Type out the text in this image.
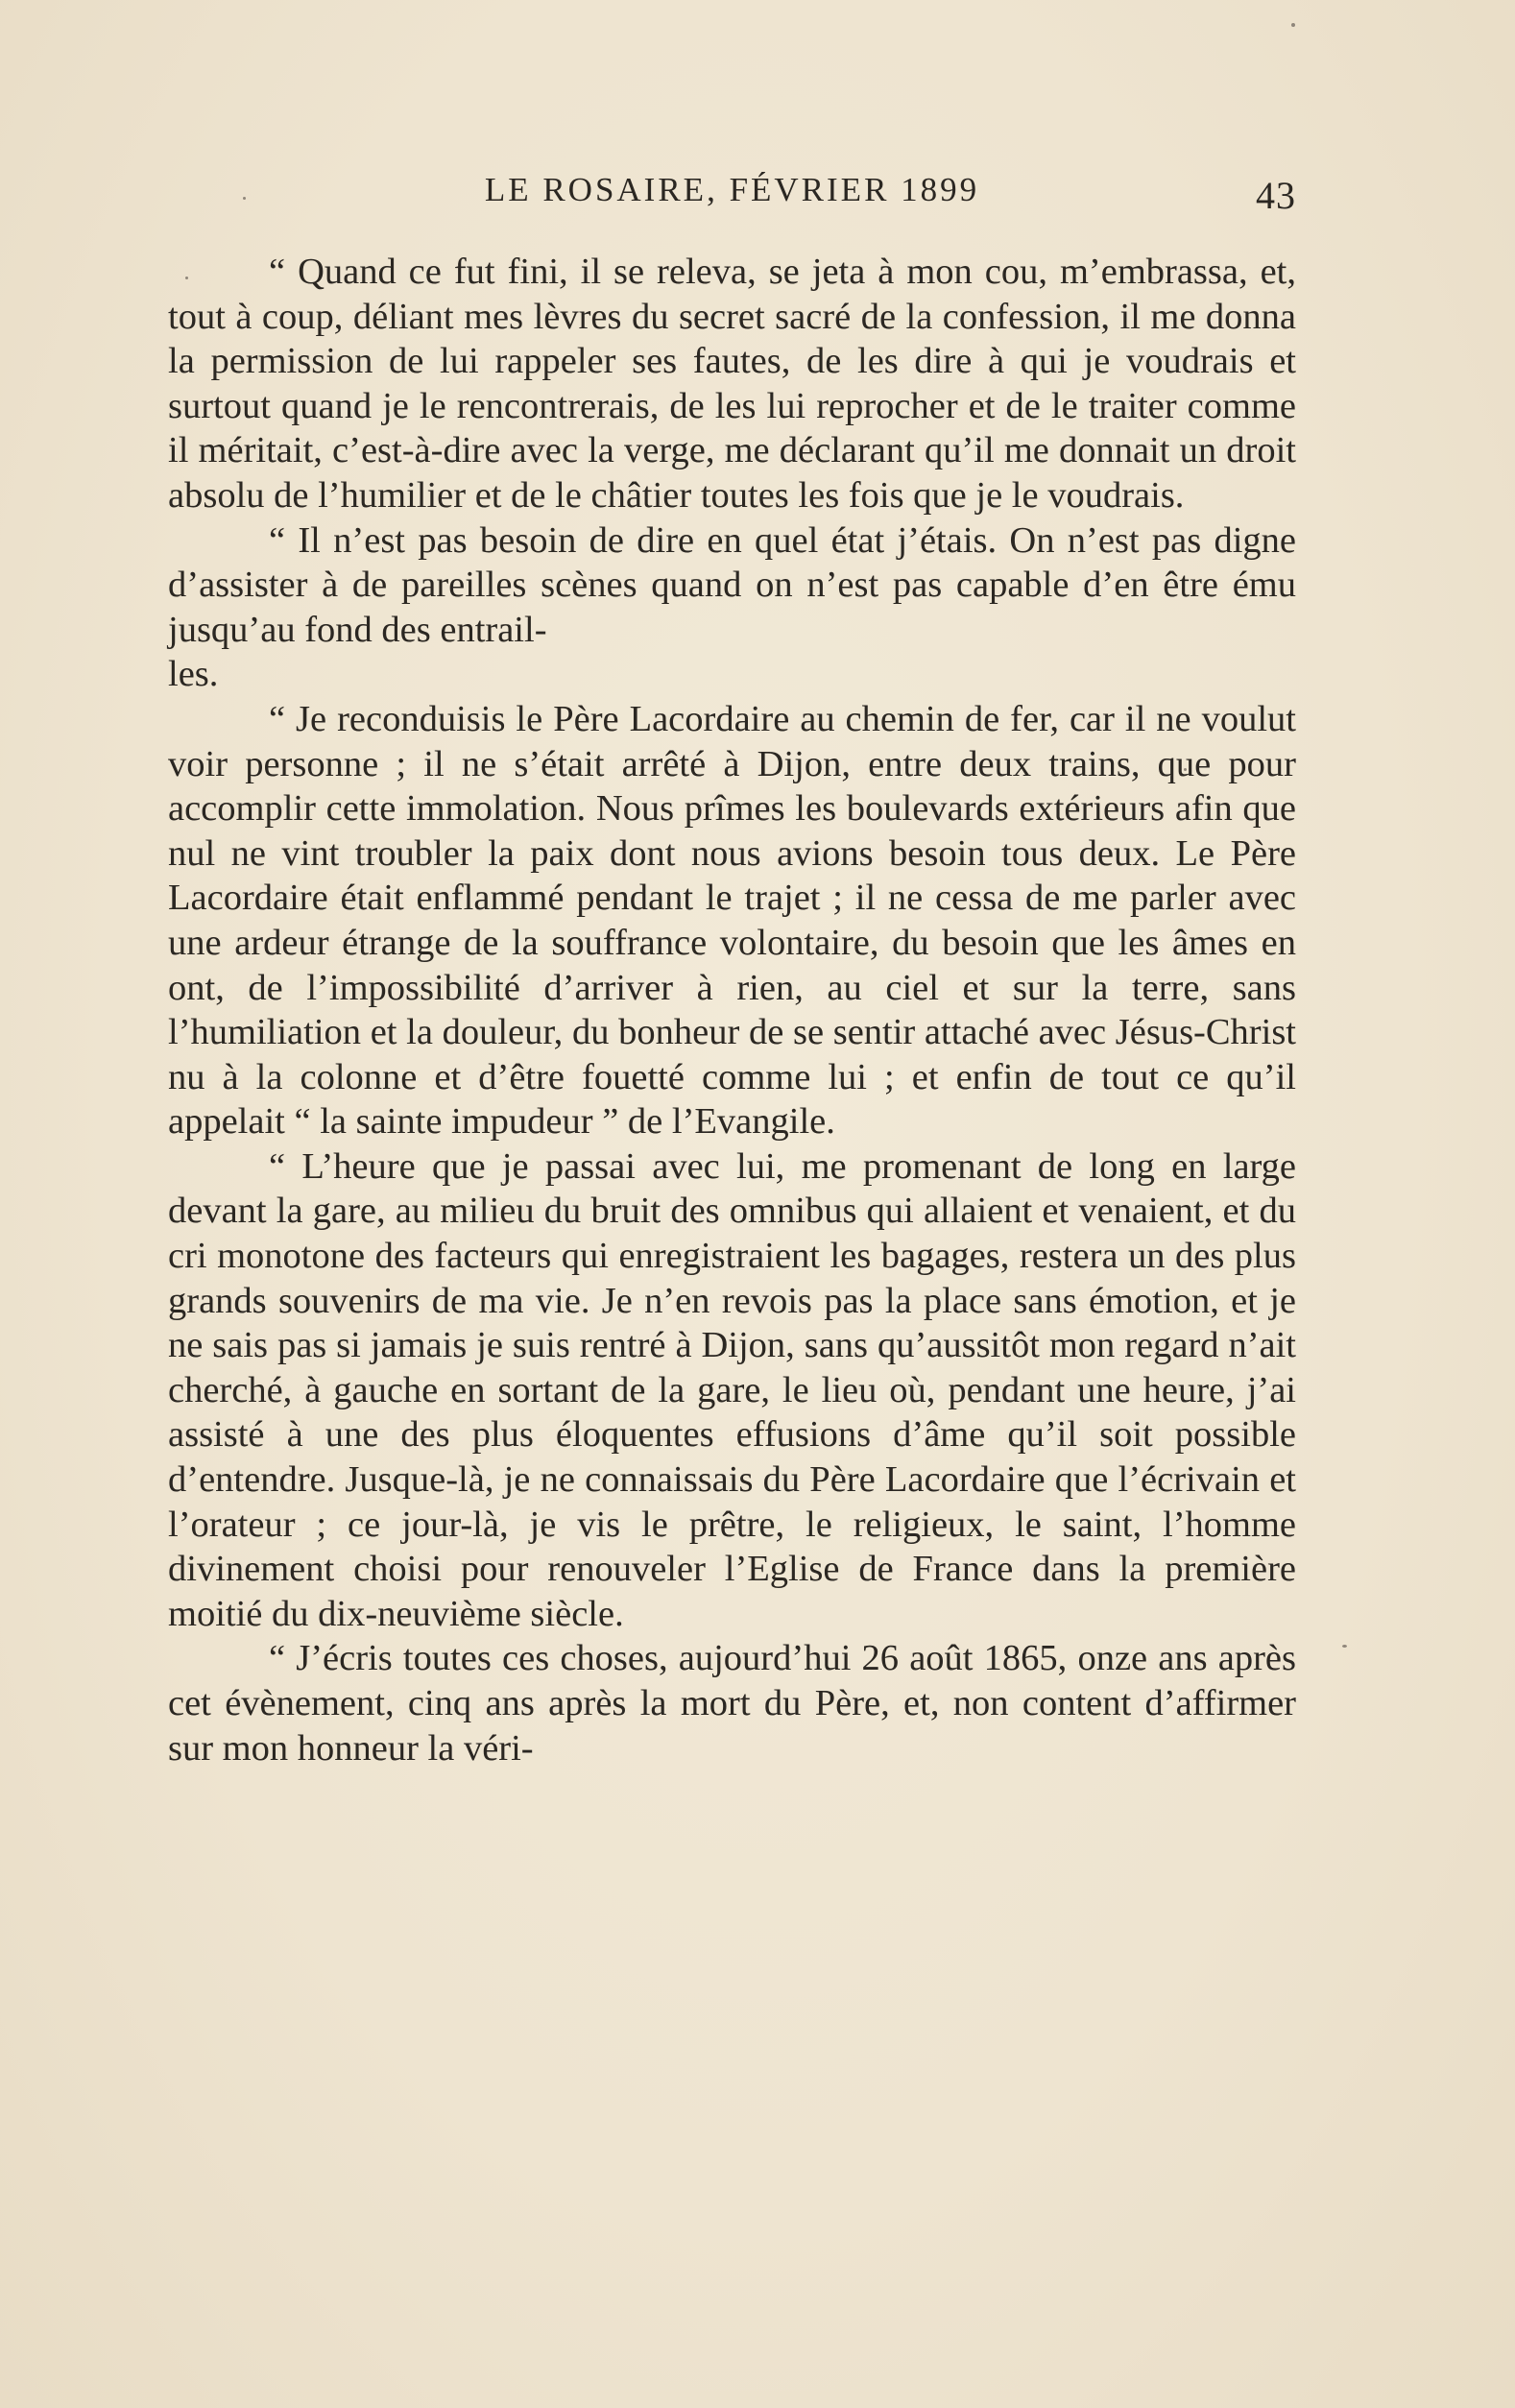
LE ROSAIRE, FÉVRIER 1899	43

“ Quand ce fut fini, il se releva, se jeta à mon cou, m’embrassa, et, tout à coup, déliant mes lèvres du secret sacré de la confession, il me donna la permission de lui rappeler ses fautes, de les dire à qui je voudrais et surtout quand je le rencontrerais, de les lui reprocher et de le traiter comme il méritait, c’est-à-dire avec la verge, me déclarant qu’il me donnait un droit absolu de l’humilier et de le châtier toutes les fois que je le voudrais.

“ Il n’est pas besoin de dire en quel état j’étais. On n’est pas digne d’assister à de pareilles scènes quand on n’est pas capable d’en être ému jusqu’au fond des entrail-

les.

“ Je reconduisis le Père Lacordaire au chemin de fer, car il ne voulut voir personne ; il ne s’était arrêté à Dijon, entre deux trains, que pour accomplir cette immolation. Nous prîmes les boulevards extérieurs afin que nul ne vint troubler la paix dont nous avions besoin tous deux. Le Père Lacordaire était enflammé pendant le trajet ; il ne cessa de me parler avec une ardeur étrange de la souffrance volontaire, du besoin que les âmes en ont, de l’impossibilité d’arriver à rien, au ciel et sur la terre, sans l’humiliation et la douleur, du bonheur de se sentir attaché avec Jésus-Christ nu à la colonne et d’être fouetté comme lui ; et enfin de tout ce qu’il appelait “ la sainte impudeur ” de l’Evangile.

“ L’heure que je passai avec lui, me promenant de long en large devant la gare, au milieu du bruit des omnibus qui allaient et venaient, et du cri monotone des facteurs qui enregistraient les bagages, restera un des plus grands souvenirs de ma vie. Je n’en revois pas la place sans émotion, et je ne sais pas si jamais je suis rentré à Dijon, sans qu’aussitôt mon regard n’ait cherché, à gauche en sortant de la gare, le lieu où, pendant une heure, j’ai assisté à une des plus éloquentes effusions d’âme qu’il soit possible d’entendre. Jusque-là, je ne connaissais du Père Lacordaire que l’écrivain et l’orateur ; ce jour-là, je vis le prêtre, le religieux, le saint, l’homme divinement choisi pour renouveler l’Eglise de France dans la première moitié du dix-neuvième siècle.

“ J’écris toutes ces choses, aujourd’hui 26 août 1865, onze ans après cet évènement, cinq ans après la mort du Père, et, non content d’affirmer sur mon honneur la véri-
